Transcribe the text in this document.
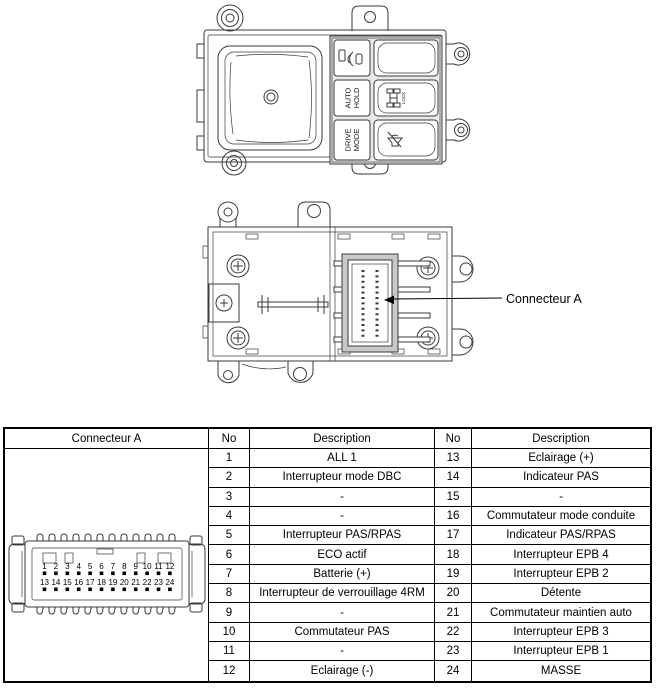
AUTO HOLD
DRIVE MODE
LOCK
Connecteur A
Connecteur A	No	Description	No	Description
1 2 3 4 5 6 7 8 9 10 11 12
13 14 15 16 17 18 19 20 21 22 23 24
1	ALL 1	13	Eclairage (+)
2	Interrupteur mode DBC	14	Indicateur PAS
3	-	15	-
4	-	16	Commutateur mode conduite
5	Interrupteur PAS/RPAS	17	Indicateur PAS/RPAS
6	ECO actif	18	Interrupteur EPB 4
7	Batterie (+)	19	Interrupteur EPB 2
8	Interrupteur de verrouillage 4RM	20	Détente
9	-	21	Commutateur maintien auto
10	Commutateur PAS	22	Interrupteur EPB 3
11	-	23	Interrupteur EPB 1
12	Eclairage (-)	24	MASSE
